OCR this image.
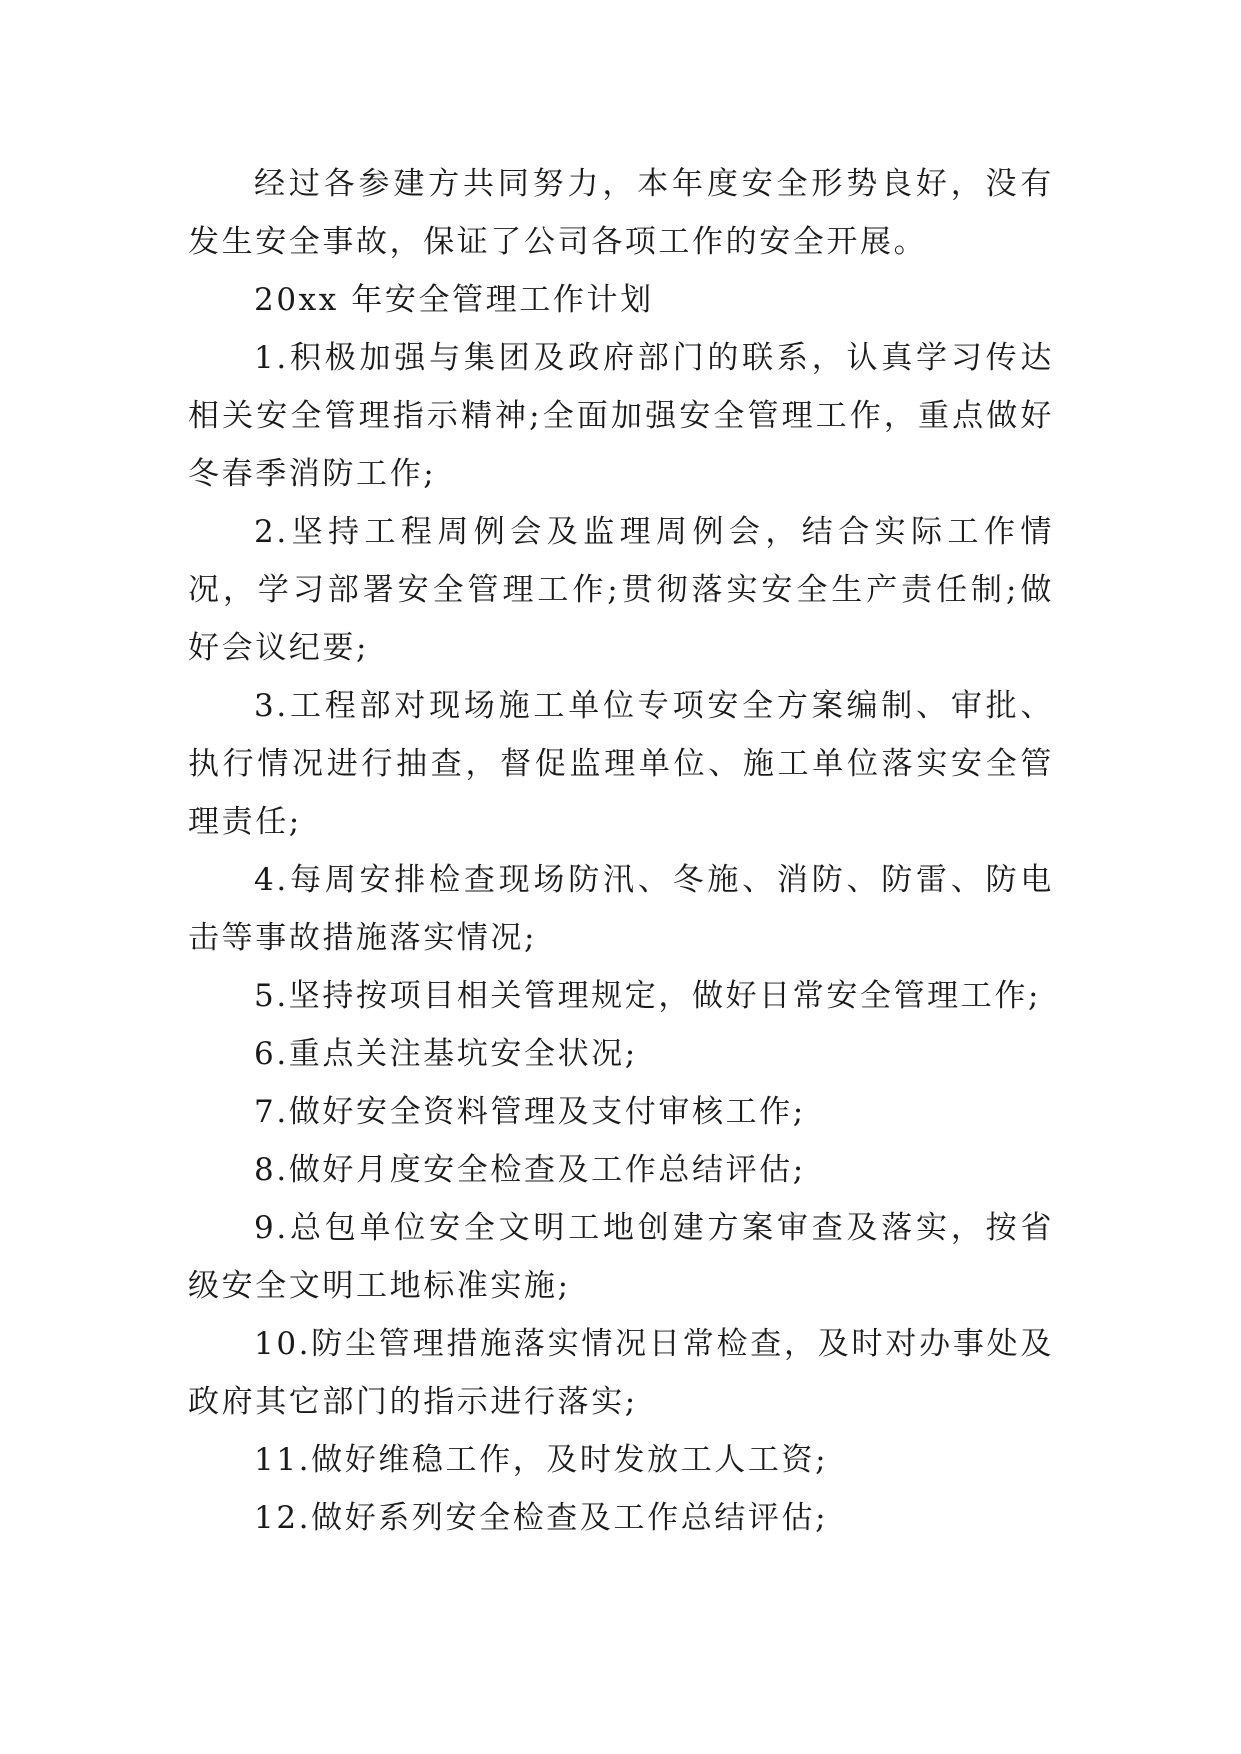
经过各参建方共同努力，本年度安全形势良好，没有发生安全事故，保证了公司各项工作的安全开展。

20xx 年安全管理工作计划

1.积极加强与集团及政府部门的联系，认真学习传达相关安全管理指示精神;全面加强安全管理工作，重点做好冬春季消防工作;
2.坚持工程周例会及监理周例会，结合实际工作情况，学习部署安全管理工作;贯彻落实安全生产责任制;做好会议纪要;
3.工程部对现场施工单位专项安全方案编制、审批、执行情况进行抽查，督促监理单位、施工单位落实安全管理责任;
4.每周安排检查现场防汛、冬施、消防、防雷、防电击等事故措施落实情况;
5.坚持按项目相关管理规定，做好日常安全管理工作;
6.重点关注基坑安全状况;
7.做好安全资料管理及支付审核工作;
8.做好月度安全检查及工作总结评估;
9.总包单位安全文明工地创建方案审查及落实，按省级安全文明工地标准实施;
10.防尘管理措施落实情况日常检查，及时对办事处及政府其它部门的指示进行落实;
11.做好维稳工作，及时发放工人工资;
12.做好系列安全检查及工作总结评估;
